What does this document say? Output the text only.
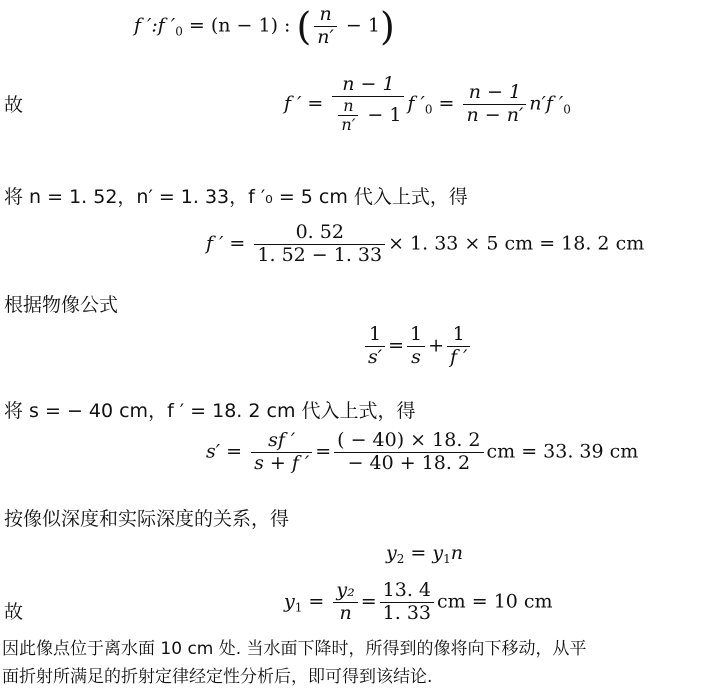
f ′:f $'_0 = (n - 1)$ : ( $\frac{n}{n'} - 1$)
故	f ′ = $\frac{n - 1}{\frac{n}{n'} - 1}$ f $'_0 = \frac{n - 1}{n - n'} n'f$ $'_0$
将 n = 1. 52，n′ = 1. 33，f ′₀ = 5 cm 代入上式，得
f ′ = $\frac{0. 52}{1. 52 - 1. 33} \times 1$. 33 × 5 cm = 18. 2 cm
根据物像公式
$\frac{1}{s'} = \frac{1}{s} + \frac{1}{f '}$
将 s = − 40 cm，f ′ = 18. 2 cm 代入上式，得
$s' = \frac{sf '}{s + f '} = \frac{( - 40) \times 18. 2}{- 40 + 18. 2}$ cm = 33. 39 cm
按像似深度和实际深度的关系，得
$y_2 = y_1n$
故	$y_1 = \frac{\text{y₂}}{n} = \frac{13. 4}{1. 33}$ cm = 10 cm
因此像点位于离水面 10 cm 处. 当水面下降时，所得到的像将向下移动，从平
面折射所满足的折射定律经定性分析后，即可得到该结论.
